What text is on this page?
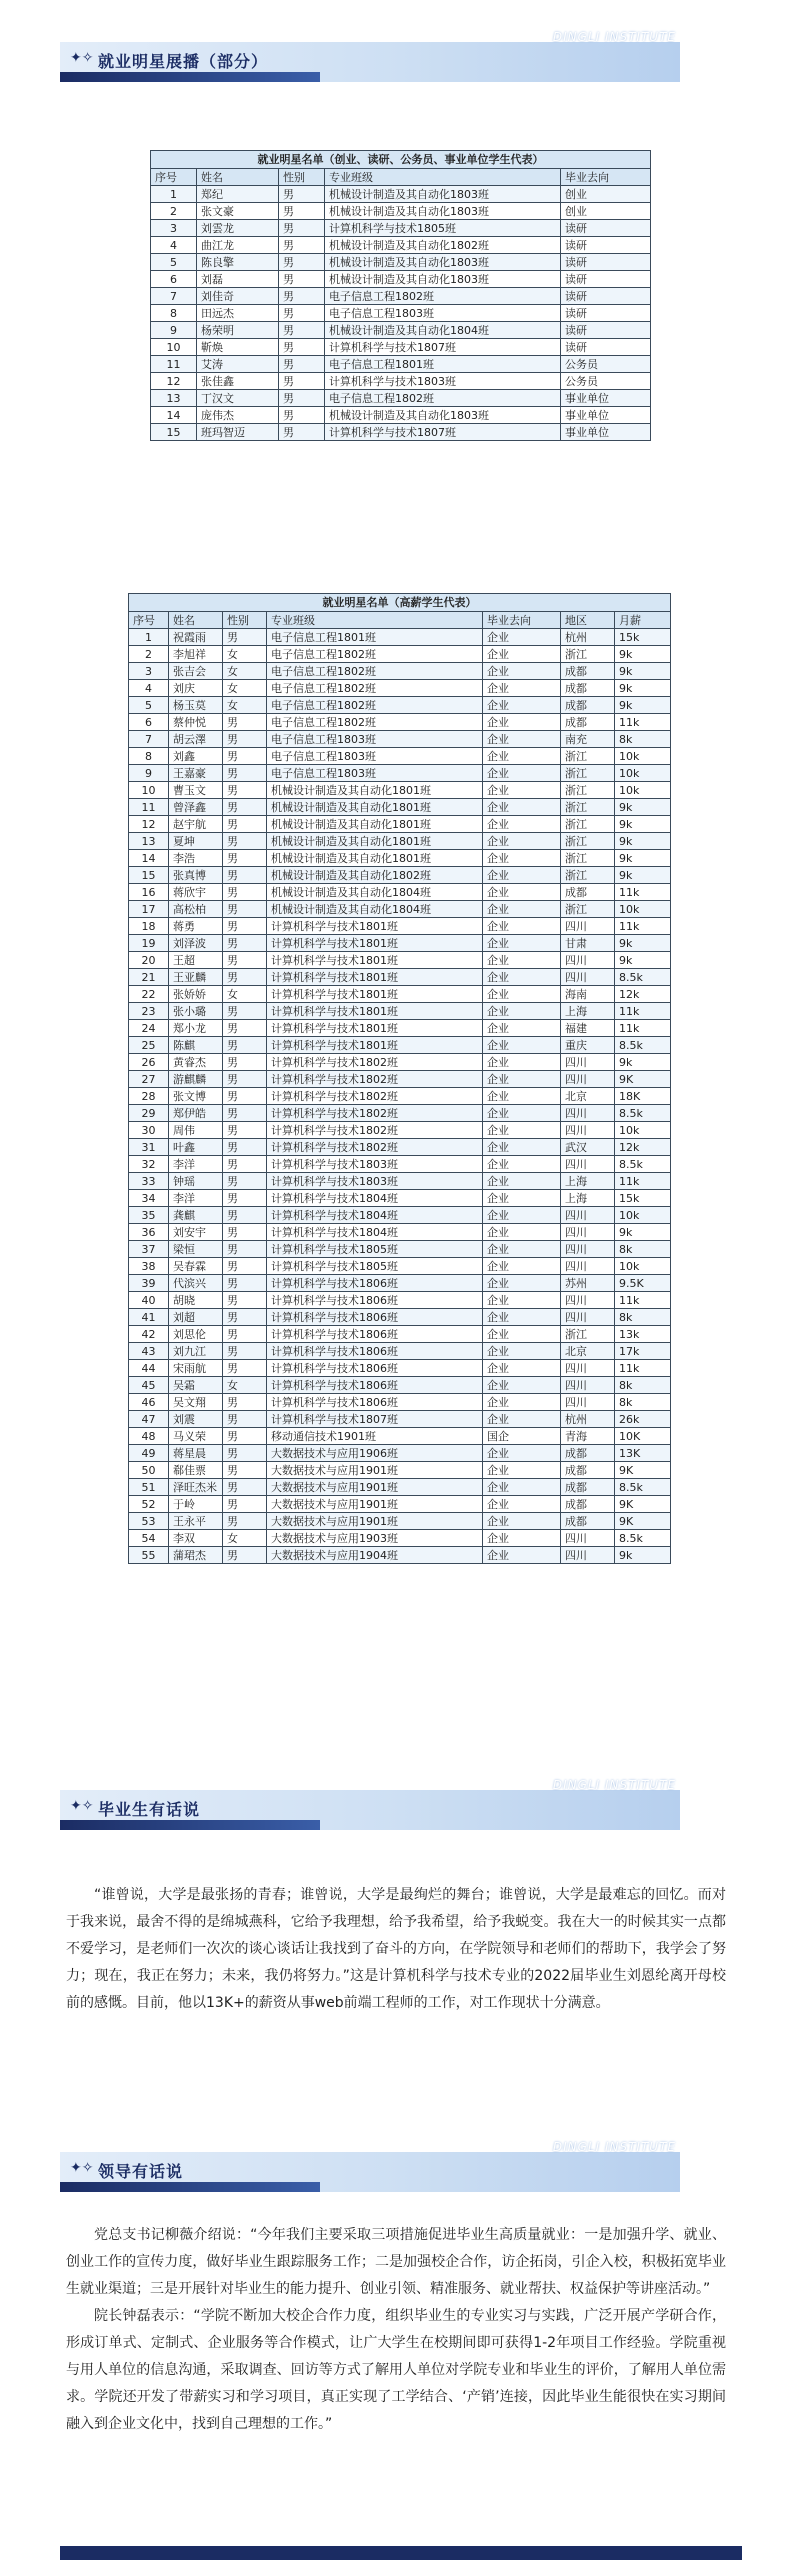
✦✧ 就业明星展播（部分）
DINGLI INSTITUTE
就业明星名单（创业、读研、公务员、事业单位学生代表）
序号	姓名	性别	专业班级	毕业去向
1	郑纪	男	机械设计制造及其自动化1803班	创业
2	张文豪	男	机械设计制造及其自动化1803班	创业
3	刘雲龙	男	计算机科学与技术1805班	读研
4	曲江龙	男	机械设计制造及其自动化1802班	读研
5	陈良擎	男	机械设计制造及其自动化1803班	读研
6	刘磊	男	机械设计制造及其自动化1803班	读研
7	刘佳奇	男	电子信息工程1802班	读研
8	田远杰	男	电子信息工程1803班	读研
9	杨荣明	男	机械设计制造及其自动化1804班	读研
10	靳焕	男	计算机科学与技术1807班	读研
11	艾涛	男	电子信息工程1801班	公务员
12	张佳鑫	男	计算机科学与技术1803班	公务员
13	丁汉文	男	电子信息工程1802班	事业单位
14	庞伟杰	男	机械设计制造及其自动化1803班	事业单位
15	班玛智迈	男	计算机科学与技术1807班	事业单位
就业明星名单（高薪学生代表）
序号	姓名	性别	专业班级	毕业去向	地区	月薪
1	祝霞雨	男	电子信息工程1801班	企业	杭州	15k
2	李旭祥	女	电子信息工程1802班	企业	浙江	9k
3	张吉会	女	电子信息工程1802班	企业	成都	9k
4	刘庆	女	电子信息工程1802班	企业	成都	9k
5	杨玉莫	女	电子信息工程1802班	企业	成都	9k
6	蔡仲悦	男	电子信息工程1802班	企业	成都	11k
7	胡云澤	男	电子信息工程1803班	企业	南充	8k
8	刘鑫	男	电子信息工程1803班	企业	浙江	10k
9	王嘉豪	男	电子信息工程1803班	企业	浙江	10k
10	曹玉文	男	机械设计制造及其自动化1801班	企业	浙江	10k
11	曾泽鑫	男	机械设计制造及其自动化1801班	企业	浙江	9k
12	赵宇航	男	机械设计制造及其自动化1801班	企业	浙江	9k
13	夏坤	男	机械设计制造及其自动化1801班	企业	浙江	9k
14	李浩	男	机械设计制造及其自动化1801班	企业	浙江	9k
15	张真博	男	机械设计制造及其自动化1802班	企业	浙江	9k
16	蒋欣宇	男	机械设计制造及其自动化1804班	企业	成都	11k
17	高松柏	男	机械设计制造及其自动化1804班	企业	浙江	10k
18	蒋勇	男	计算机科学与技术1801班	企业	四川	11k
19	刘泽波	男	计算机科学与技术1801班	企业	甘肃	9k
20	王超	男	计算机科学与技术1801班	企业	四川	9k
21	王亚麟	男	计算机科学与技术1801班	企业	四川	8.5k
22	张娇娇	女	计算机科学与技术1801班	企业	海南	12k
23	张小璐	男	计算机科学与技术1801班	企业	上海	11k
24	郑小龙	男	计算机科学与技术1801班	企业	福建	11k
25	陈麒	男	计算机科学与技术1801班	企业	重庆	8.5k
26	黄睿杰	男	计算机科学与技术1802班	企业	四川	9k
27	游麒麟	男	计算机科学与技术1802班	企业	四川	9K
28	张文博	男	计算机科学与技术1802班	企业	北京	18K
29	郑伊皓	男	计算机科学与技术1802班	企业	四川	8.5k
30	周伟	男	计算机科学与技术1802班	企业	四川	10k
31	叶鑫	男	计算机科学与技术1802班	企业	武汉	12k
32	李洋	男	计算机科学与技术1803班	企业	四川	8.5k
33	钟瑶	男	计算机科学与技术1803班	企业	上海	11k
34	李洋	男	计算机科学与技术1804班	企业	上海	15k
35	龚麒	男	计算机科学与技术1804班	企业	四川	10k
36	刘安宇	男	计算机科学与技术1804班	企业	四川	9k
37	梁恒	男	计算机科学与技术1805班	企业	四川	8k
38	吴春霖	男	计算机科学与技术1805班	企业	四川	10k
39	代滨兴	男	计算机科学与技术1806班	企业	苏州	9.5K
40	胡晓	男	计算机科学与技术1806班	企业	四川	11k
41	刘超	男	计算机科学与技术1806班	企业	四川	8k
42	刘思伦	男	计算机科学与技术1806班	企业	浙江	13k
43	刘九江	男	计算机科学与技术1806班	企业	北京	17k
44	宋雨航	男	计算机科学与技术1806班	企业	四川	11k
45	吴霜	女	计算机科学与技术1806班	企业	四川	8k
46	吴文翔	男	计算机科学与技术1806班	企业	四川	8k
47	刘震	男	计算机科学与技术1807班	企业	杭州	26k
48	马义荣	男	移动通信技术1901班	国企	青海	10K
49	蒋星晨	男	大数据技术与应用1906班	企业	成都	13K
50	郗佳票	男	大数据技术与应用1901班	企业	成都	9K
51	泽旺杰米	男	大数据技术与应用1901班	企业	成都	8.5k
52	于岭	男	大数据技术与应用1901班	企业	成都	9K
53	王永平	男	大数据技术与应用1901班	企业	成都	9K
54	李双	女	大数据技术与应用1903班	企业	四川	8.5k
55	蒲珺杰	男	大数据技术与应用1904班	企业	四川	9k
✦✧ 毕业生有话说
DINGLI INSTITUTE

“谁曾说，大学是最张扬的青春；谁曾说，大学是最绚烂的舞台；谁曾说，大学是最难忘的回忆。而对于我来说，最舍不得的是绵城燕科，它给予我理想，给予我希望，给予我蜕变。我在大一的时候其实一点都不爱学习，是老师们一次次的谈心谈话让我找到了奋斗的方向，在学院领导和老师们的帮助下，我学会了努力；现在，我正在努力；未来，我仍将努力。”这是计算机科学与技术专业的2022届毕业生刘恩纶离开母校前的感慨。目前，他以13K+的薪资从事web前端工程师的工作，对工作现状十分满意。

✦✧ 领导有话说
DINGLI INSTITUTE

党总支书记柳薇介绍说：“今年我们主要采取三项措施促进毕业生高质量就业：一是加强升学、就业、创业工作的宣传力度，做好毕业生跟踪服务工作；二是加强校企合作，访企拓岗，引企入校，积极拓宽毕业生就业渠道；三是开展针对毕业生的能力提升、创业引领、精准服务、就业帮扶、权益保护等讲座活动。”

院长钟磊表示：“学院不断加大校企合作力度，组织毕业生的专业实习与实践，广泛开展产学研合作，形成订单式、定制式、企业服务等合作模式，让广大学生在校期间即可获得1-2年项目工作经验。学院重视与用人单位的信息沟通，采取调查、回访等方式了解用人单位对学院专业和毕业生的评价，了解用人单位需求。学院还开发了带薪实习和学习项目，真正实现了工学结合、‘产销’连接，因此毕业生能很快在实习期间融入到企业文化中，找到自己理想的工作。”
